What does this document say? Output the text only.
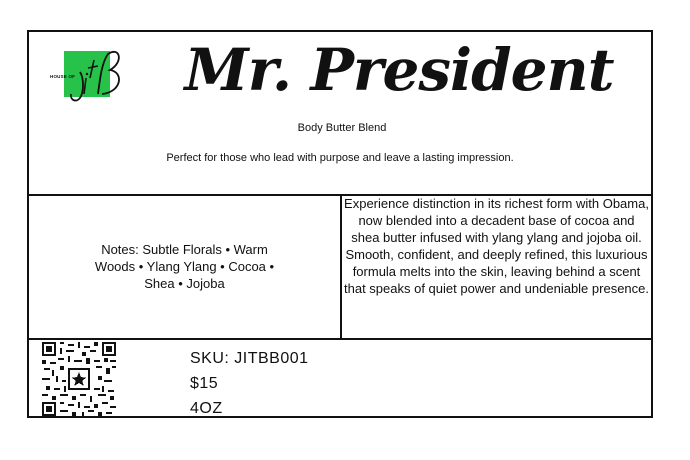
HOUSE OF	Mr. President
Body Butter Blend
Perfect for those who lead with purpose and leave a lasting impression.
Notes: Subtle Florals • Warm Woods • Ylang Ylang • Cocoa • Shea • Jojoba
Experience distinction in its richest form with Obama, now blended into a decadent base of cocoa and shea butter infused with ylang ylang and jojoba oil. Smooth, confident, and deeply refined, this luxurious formula melts into the skin, leaving behind a scent that speaks of quiet power and undeniable presence.
SKU: JITBB001
$15
4OZ
